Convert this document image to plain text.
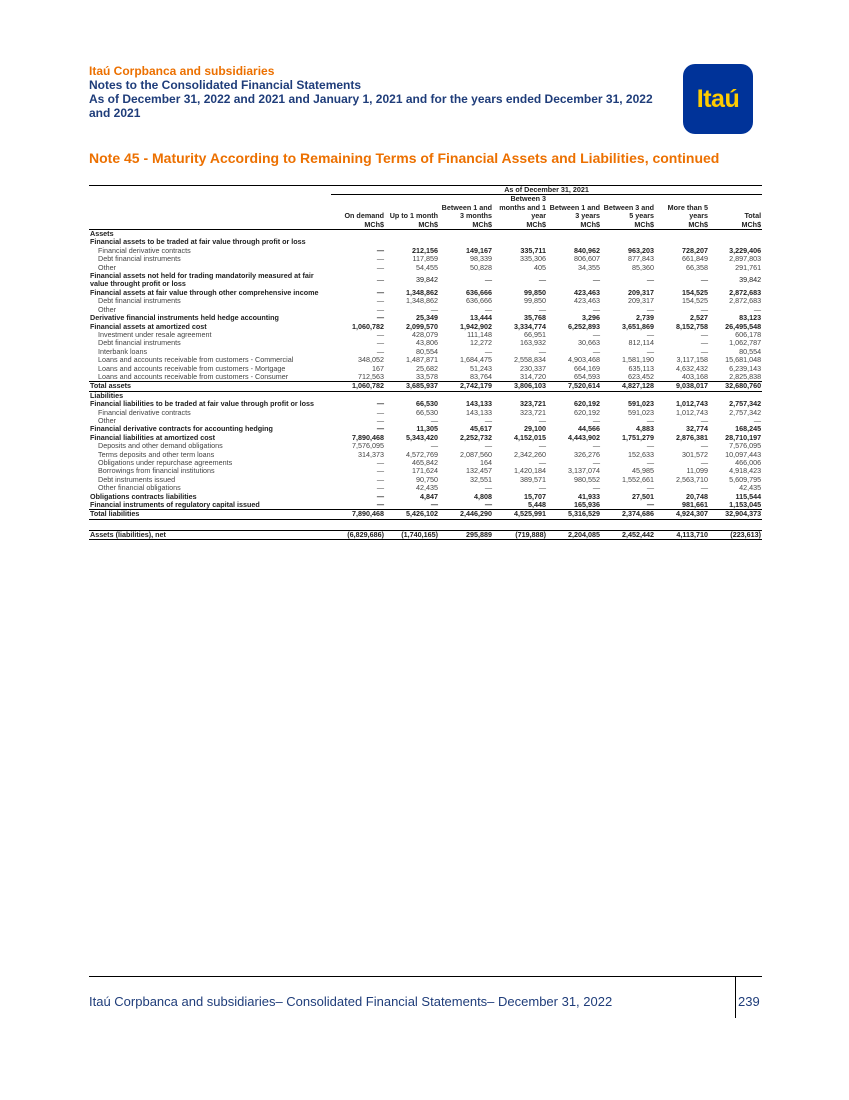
Itaú Corpbanca and subsidiaries
Notes to the Consolidated Financial Statements
As of December 31, 2022 and 2021 and January 1, 2021 and for the years ended December 31, 2022
and 2021
Itaú
Note 45 - Maturity According to Remaining Terms of Financial Assets and Liabilities, continued
	As of December 31, 2021							
	On demand	Up to 1 month	Between 1 and 3 months	Between 3 months and 1 year	Between 1 and 3 years	Between 3 and 5 years	More than 5 years	Total
	MCh$	MCh$	MCh$	MCh$	MCh$	MCh$	MCh$	MCh$
Assets								
Financial assets to be traded at fair value through profit or loss								
Financial derivative contracts	—	212,156	149,167	335,711	840,962	963,203	728,207	3,229,406
Debt financial instruments	—	117,859	98,339	335,306	806,607	877,843	661,849	2,897,803
Other	—	54,455	50,828	405	34,355	85,360	66,358	291,761
Financial assets not held for trading mandatorily measured at fair value throught profit or loss	—	39,842	—	—	—	—	—	39,842
Financial assets at fair value through other comprehensive income	—	1,348,862	636,666	99,850	423,463	209,317	154,525	2,872,683
Debt financial instruments	—	1,348,862	636,666	99,850	423,463	209,317	154,525	2,872,683
Other	—	—	—	—	—	—	—	—
Derivative financial instruments held hedge accounting	—	25,349	13,444	35,768	3,296	2,739	2,527	83,123
Financial assets at amortized cost	1,060,782	2,099,570	1,942,902	3,334,774	6,252,893	3,651,869	8,152,758	26,495,548
Investment under resale agreement	—	428,079	111,148	66,951	—	—	—	606,178
Debt financial instruments	—	43,806	12,272	163,932	30,663	812,114	—	1,062,787
Interbank loans	—	80,554	—	—	—	—	—	80,554
Loans and accounts receivable from customers - Commercial	348,052	1,487,871	1,684,475	2,558,834	4,903,468	1,581,190	3,117,158	15,681,048
Loans and accounts receivable from customers - Mortgage	167	25,682	51,243	230,337	664,169	635,113	4,632,432	6,239,143
Loans and accounts receivable from customers - Consumer	712,563	33,578	83,764	314,720	654,593	623,452	403,168	2,825,838
Total assets	1,060,782	3,685,937	2,742,179	3,806,103	7,520,614	4,827,128	9,038,017	32,680,760
Liabilities								
Financial liabilities to be traded at fair value through profit or loss	—	66,530	143,133	323,721	620,192	591,023	1,012,743	2,757,342
Financial derivative contracts	—	66,530	143,133	323,721	620,192	591,023	1,012,743	2,757,342
Other	—	—	—	—	—	—	—	—
Financial derivative contracts for accounting hedging	—	11,305	45,617	29,100	44,566	4,883	32,774	168,245
Financial liabilities at amortized cost	7,890,468	5,343,420	2,252,732	4,152,015	4,443,902	1,751,279	2,876,381	28,710,197
Deposits and other demand obligations	7,576,095	—	—	—	—	—	—	7,576,095
Terms deposits and other term loans	314,373	4,572,769	2,087,560	2,342,260	326,276	152,633	301,572	10,097,443
Obligations under repurchase agreements	—	465,842	164	—	—	—	—	466,006
Borrowings from financial institutions	—	171,624	132,457	1,420,184	3,137,074	45,985	11,099	4,918,423
Debt instruments issued	—	90,750	32,551	389,571	980,552	1,552,661	2,563,710	5,609,795
Other financial obligations	—	42,435	—	—	—	—	—	42,435
Obligations contracts liabilities	—	4,847	4,808	15,707	41,933	27,501	20,748	115,544
Financial instruments of regulatory capital issued	—	—	—	5,448	165,936	—	981,661	1,153,045
Total liabilities	7,890,468	5,426,102	2,446,290	4,525,991	5,316,529	2,374,686	4,924,307	32,904,373

Assets (liabilities), net	(6,829,686)	(1,740,165)	295,889	(719,888)	2,204,085	2,452,442	4,113,710	(223,613)
Itaú Corpbanca and subsidiaries– Consolidated Financial Statements– December 31, 2022	239
